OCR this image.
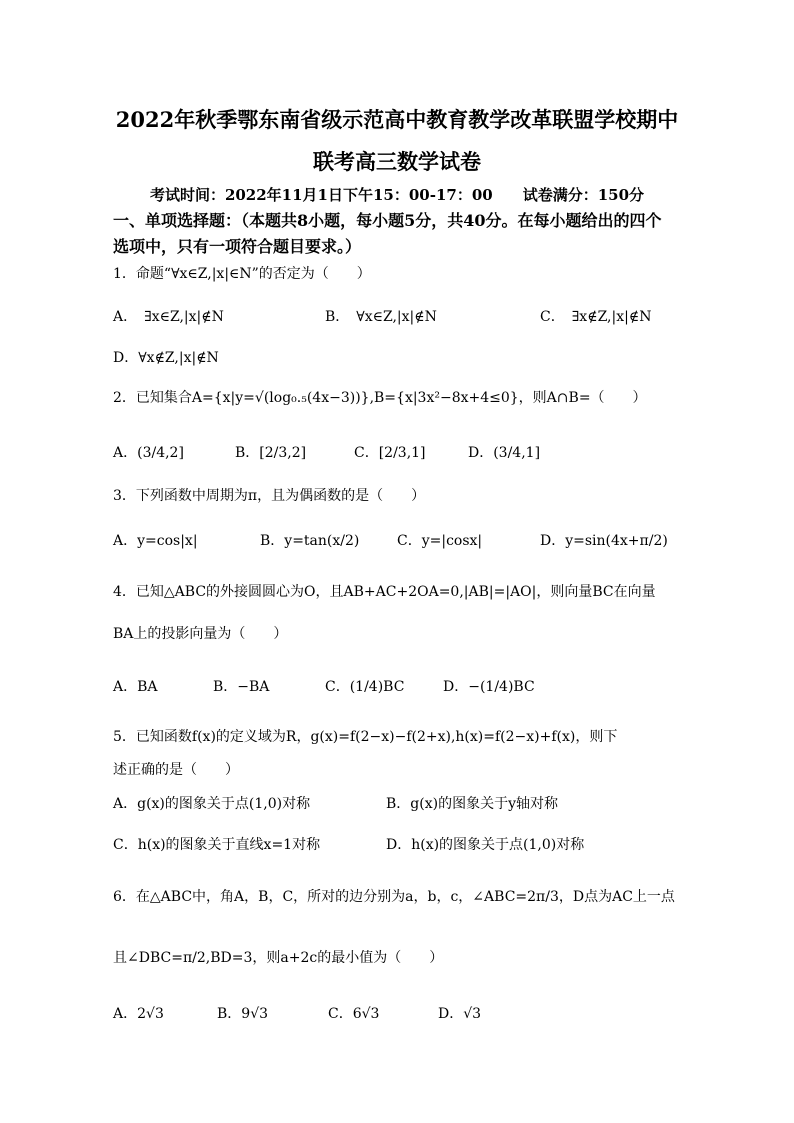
2022年秋季鄂东南省级示范高中教育教学改革联盟学校期中
联考高三数学试卷
考试时间：2022年11月1日下午15：00-17：00　　试卷满分：150分
一、单项选择题：（本题共8小题，每小题5分，共40分。在每小题给出的四个
选项中，只有一项符合题目要求。）
1．命题“∀x∈Z,|x|∈N”的否定为（　　）
A．　∃x∈Z,|x|∉N	B．　∀x∈Z,|x|∉N	C．　∃x∉Z,|x|∉N
D．∀x∉Z,|x|∉N
2．已知集合A={x|y=√(log₀.₅(4x−3))},B={x|3x²−8x+4≤0}，则A∩B=（　　）
A．(3/4,2]	B．[2/3,2]	C．[2/3,1]	D．(3/4,1]
3．下列函数中周期为π，且为偶函数的是（　　）
A．y=cos|x|	B．y=tan(x/2)	C．y=|cosx|	D．y=sin(4x+π/2)
4．已知△ABC的外接圆圆心为O，且AB+AC+2OA=0,|AB|=|AO|，则向量BC在向量
BA上的投影向量为（　　）
A．BA	B．−BA	C．(1/4)BC	D．−(1/4)BC
5．已知函数f(x)的定义域为R，g(x)=f(2−x)−f(2+x),h(x)=f(2−x)+f(x)，则下
述正确的是（　　）
A．g(x)的图象关于点(1,0)对称	B．g(x)的图象关于y轴对称
C．h(x)的图象关于直线x=1对称	D．h(x)的图象关于点(1,0)对称
6．在△ABC中，角A，B，C，所对的边分别为a，b，c，∠ABC=2π/3，D点为AC上一点
且∠DBC=π/2,BD=3，则a+2c的最小值为（　　）
A．2√3	B．9√3	C．6√3	D．√3
